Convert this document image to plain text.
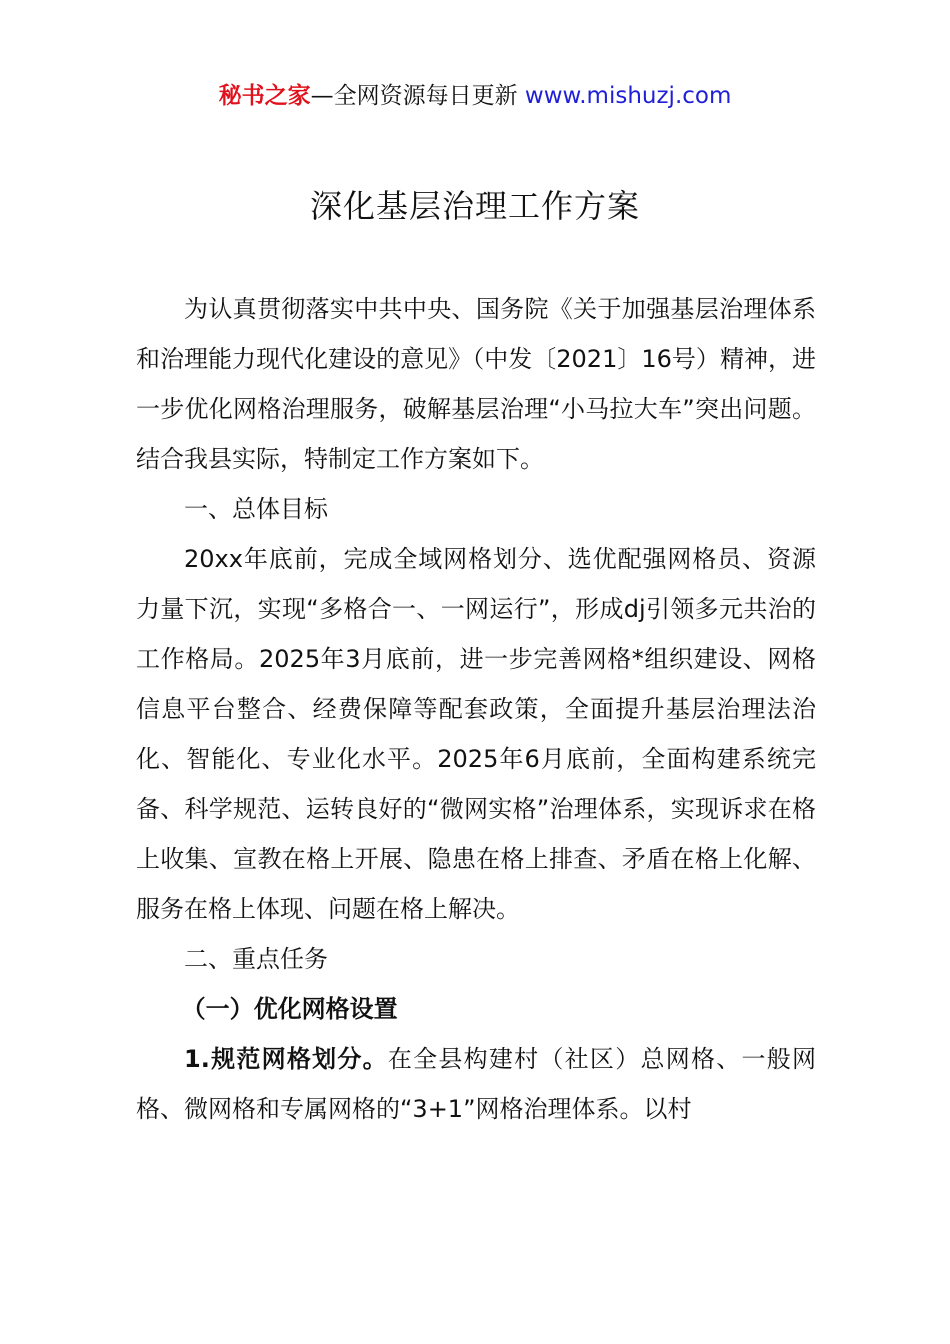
秘书之家—全网资源每日更新 www.mishuzj.com
深化基层治理工作方案

为认真贯彻落实中共中央、国务院《关于加强基层治理体系和治理能力现代化建设的意见》（中发〔2021〕16号）精神，进一步优化网格治理服务，破解基层治理“小马拉大车”突出问题。结合我县实际，特制定工作方案如下。

一、总体目标

20xx年底前，完成全域网格划分、选优配强网格员、资源力量下沉，实现“多格合一、一网运行”，形成dj引领多元共治的工作格局。2025年3月底前，进一步完善网格*组织建设、网格信息平台整合、经费保障等配套政策，全面提升基层治理法治化、智能化、专业化水平。2025年6月底前，全面构建系统完备、科学规范、运转良好的“微网实格”治理体系，实现诉求在格上收集、宣教在格上开展、隐患在格上排查、矛盾在格上化解、服务在格上体现、问题在格上解决。

二、重点任务

（一）优化网格设置

1.规范网格划分。在全县构建村（社区）总网格、一般网格、微网格和专属网格的“3+1”网格治理体系。以村
